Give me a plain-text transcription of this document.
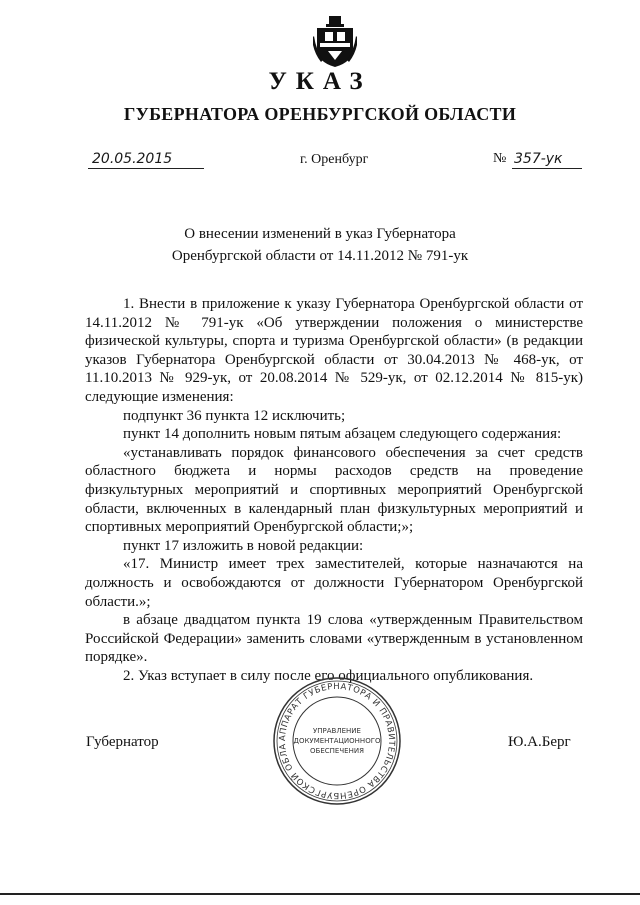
УКАЗ
ГУБЕРНАТОРА ОРЕНБУРГСКОЙ ОБЛАСТИ
20.05.2015	г. Оренбург	№ 357-ук
О внесении изменений в указ Губернатора
Оренбургской области от 14.11.2012 № 791-ук

1. Внести в приложение к указу Губернатора Оренбургской области от 14.11.2012 № 791-ук «Об утверждении положения о министерстве физической культуры, спорта и туризма Оренбургской области» (в редакции указов Губернатора Оренбургской области от 30.04.2013 № 468-ук, от 11.10.2013 № 929-ук, от 20.08.2014 № 529-ук, от 02.12.2014 № 815-ук) следующие изменения:

подпункт 36 пункта 12 исключить;

пункт 14 дополнить новым пятым абзацем следующего содержания:

«устанавливать порядок финансового обеспечения за счет средств областного бюджета и нормы расходов средств на проведение физкультурных мероприятий и спортивных мероприятий Оренбургской области, включенных в календарный план физкультурных мероприятий и спортивных мероприятий Оренбургской области;»;

пункт 17 изложить в новой редакции:

«17. Министр имеет трех заместителей, которые назначаются на должность и освобождаются от должности Губернатором Оренбургской области.»;

в абзаце двадцатом пункта 19 слова «утвержденным Правительством Российской Федерации» заменить словами «утвержденным в установленном порядке».

2. Указ вступает в силу после его официального опубликования.

Губернатор	Ю.А.Берг
АППАРАТ ГУБЕРНАТОРА И ПРАВИТЕЛЬСТВА ОРЕНБУРГСКОЙ ОБЛА
УПРАВЛЕНИЕ
ДОКУМЕНТАЦИОННОГО
ОБЕСПЕЧЕНИЯ
